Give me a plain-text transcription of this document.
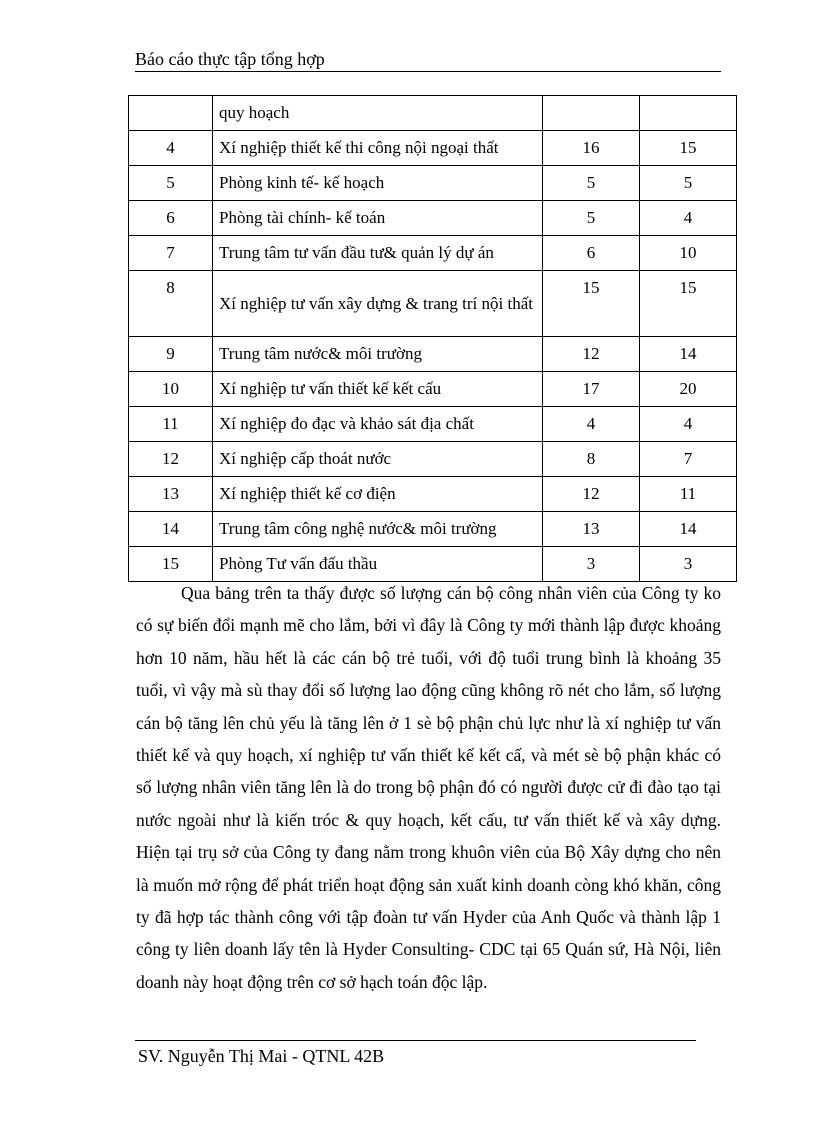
Báo cáo thực tập tổng hợp
	quy hoạch		
4	Xí nghiệp thiết kế thi công nội ngoại thất	16	15
5	Phòng kinh tế- kế hoạch	5	5
6	Phòng tài chính- kế toán	5	4
7	Trung tâm tư vấn đầu tư& quản lý dự án	6	10
8	Xí nghiệp tư vấn xây dựng & trang trí nội thất	15	15
9	Trung tâm nước& môi trường	12	14
10	Xí nghiệp tư vấn thiết kế kết cấu	17	20
11	Xí nghiệp đo đạc và khảo sát địa chất	4	4
12	Xí nghiệp cấp thoát nước	8	7
13	Xí nghiệp thiết kế cơ điện	12	11
14	Trung tâm công nghệ nước& môi trường	13	14
15	Phòng Tư vấn đấu thầu	3	3

Qua bảng trên ta thấy được số lượng cán bộ công nhân viên của Công ty ko có sự biến đổi mạnh mẽ cho lắm, bởi vì đây là Công ty mới thành lập được khoảng hơn 10 năm, hầu hết là các cán bộ trẻ tuổi, với độ tuổi trung bình là khoảng 35 tuổi, vì vậy mà sù thay đổi số lượng lao động cũng không rõ nét cho lắm, số lượng cán bộ tăng lên chủ yếu là tăng lên ở 1 sè bộ phận chủ lực như là xí nghiệp tư vấn thiết kế và quy hoạch, xí nghiệp tư vấn thiết kế kết cấ, và mét sè bộ phận khác có số lượng nhân viên tăng lên là do trong bộ phận đó có người được cử đi đào tạo tại nước ngoài như là kiến tróc & quy hoạch, kết cấu, tư vấn thiết kế và xây dựng. Hiện tại trụ sở của Công ty đang nằm trong khuôn viên của Bộ Xây dựng cho nên là muốn mở rộng để phát triển hoạt động sản xuất kinh doanh còng khó khăn, công ty đã hợp tác thành công với tập đoàn tư vấn Hyder của Anh Quốc và thành lập 1 công ty liên doanh lấy tên là Hyder Consulting- CDC tại 65 Quán sứ, Hà Nội, liên doanh này hoạt động trên cơ sở hạch toán độc lập.

SV. Nguyễn Thị Mai - QTNL 42B
